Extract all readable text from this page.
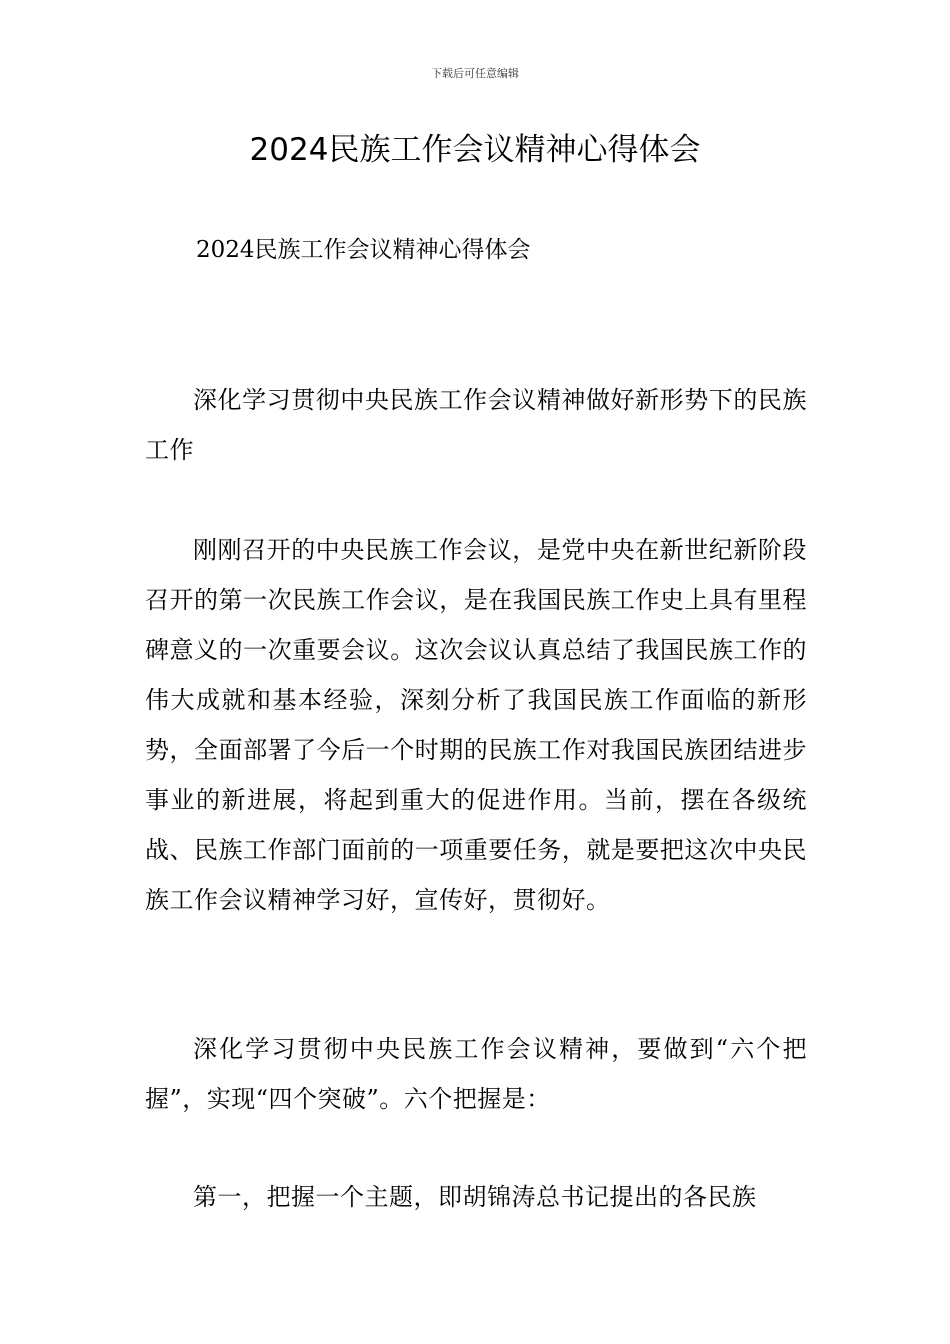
下载后可任意编辑
2024民族工作会议精神心得体会
2024民族工作会议精神心得体会

深化学习贯彻中央民族工作会议精神做好新形势下的民族工作

刚刚召开的中央民族工作会议，是党中央在新世纪新阶段召开的第一次民族工作会议，是在我国民族工作史上具有里程碑意义的一次重要会议。这次会议认真总结了我国民族工作的伟大成就和基本经验，深刻分析了我国民族工作面临的新形势，全面部署了今后一个时期的民族工作对我国民族团结进步事业的新进展，将起到重大的促进作用。当前，摆在各级统战、民族工作部门面前的一项重要任务，就是要把这次中央民族工作会议精神学习好，宣传好，贯彻好。

深化学习贯彻中央民族工作会议精神，要做到“六个把握”，实现“四个突破”。六个把握是：

第一，把握一个主题，即胡锦涛总书记提出的各民族
